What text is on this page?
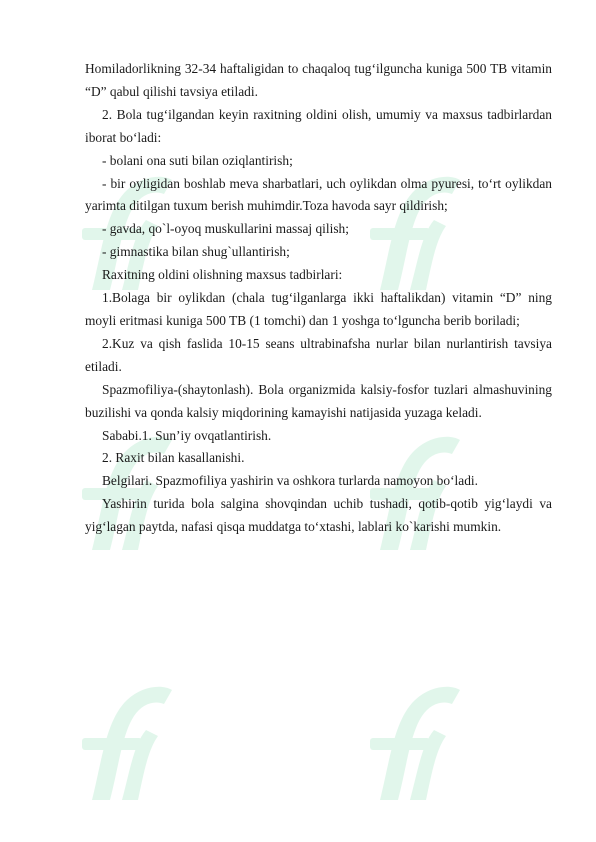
Homiladorlikning 32-34 haftaligidan to chaqaloq tug‘ilguncha kuniga 500 TB vitamin “D” qabul qilishi tavsiya etiladi.

2. Bola tug‘ilgandan keyin raxitning oldini olish, umumiy va maxsus tadbirlardan iborat bo‘ladi:

- bolani ona suti bilan oziqlantirish;

- bir oyligidan boshlab meva sharbatlari, uch oylikdan olma pyuresi, to‘rt oylikdan yarimta ditilgan tuxum berish muhimdir.Toza havoda sayr qildirish;

- gavda, qo`l-oyoq muskullarini massaj qilish;

- gimnastika bilan shug`ullantirish;

Raxitning oldini olishning maxsus tadbirlari:

1.Bolaga bir oylikdan (chala tug‘ilganlarga ikki haftalikdan) vitamin “D” ning moyli eritmasi kuniga 500 TB (1 tomchi) dan 1 yoshga to‘lguncha berib boriladi;

2.Kuz va qish faslida 10-15 seans ultrabinafsha nurlar bilan nurlantirish tavsiya etiladi.

Spazmofiliya-(shaytonlash). Bola organizmida kalsiy-fosfor tuzlari almashuvining buzilishi va qonda kalsiy miqdorining kamayishi natijasida yuzaga keladi.

Sababi.1. Sun’iy ovqatlantirish.

2. Raxit bilan kasallanishi.

Belgilari. Spazmofiliya yashirin va oshkora turlarda namoyon bo‘ladi.

Yashirin turida bola salgina shovqindan uchib tushadi, qotib-qotib yig‘laydi va yig‘lagan paytda, nafasi qisqa muddatga to‘xtashi, lablari ko`karishi mumkin.
